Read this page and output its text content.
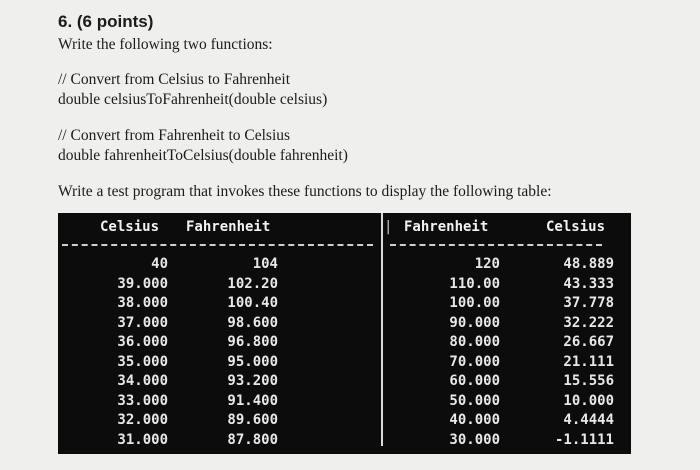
6. (6 points)
Write the following two functions:
// Convert from Celsius to Fahrenheit
double celsiusToFahrenheit(double celsius)
// Convert from Fahrenheit to Celsius
double fahrenheitToCelsius(double fahrenheit)
Write a test program that invokes these functions to display the following table:
Celsius Fahrenheit	| Fahrenheit	Celsius
40
39.000
38.000
37.000
36.000
35.000
34.000
33.000
32.000
31.000
104
102.20
100.40
98.600
96.800
95.000
93.200
91.400
89.600
87.800
120
110.00
100.00
90.000
80.000
70.000
60.000
50.000
40.000
30.000
48.889
43.333
37.778
32.222
26.667
21.111
15.556
10.000
4.4444
-1.1111
